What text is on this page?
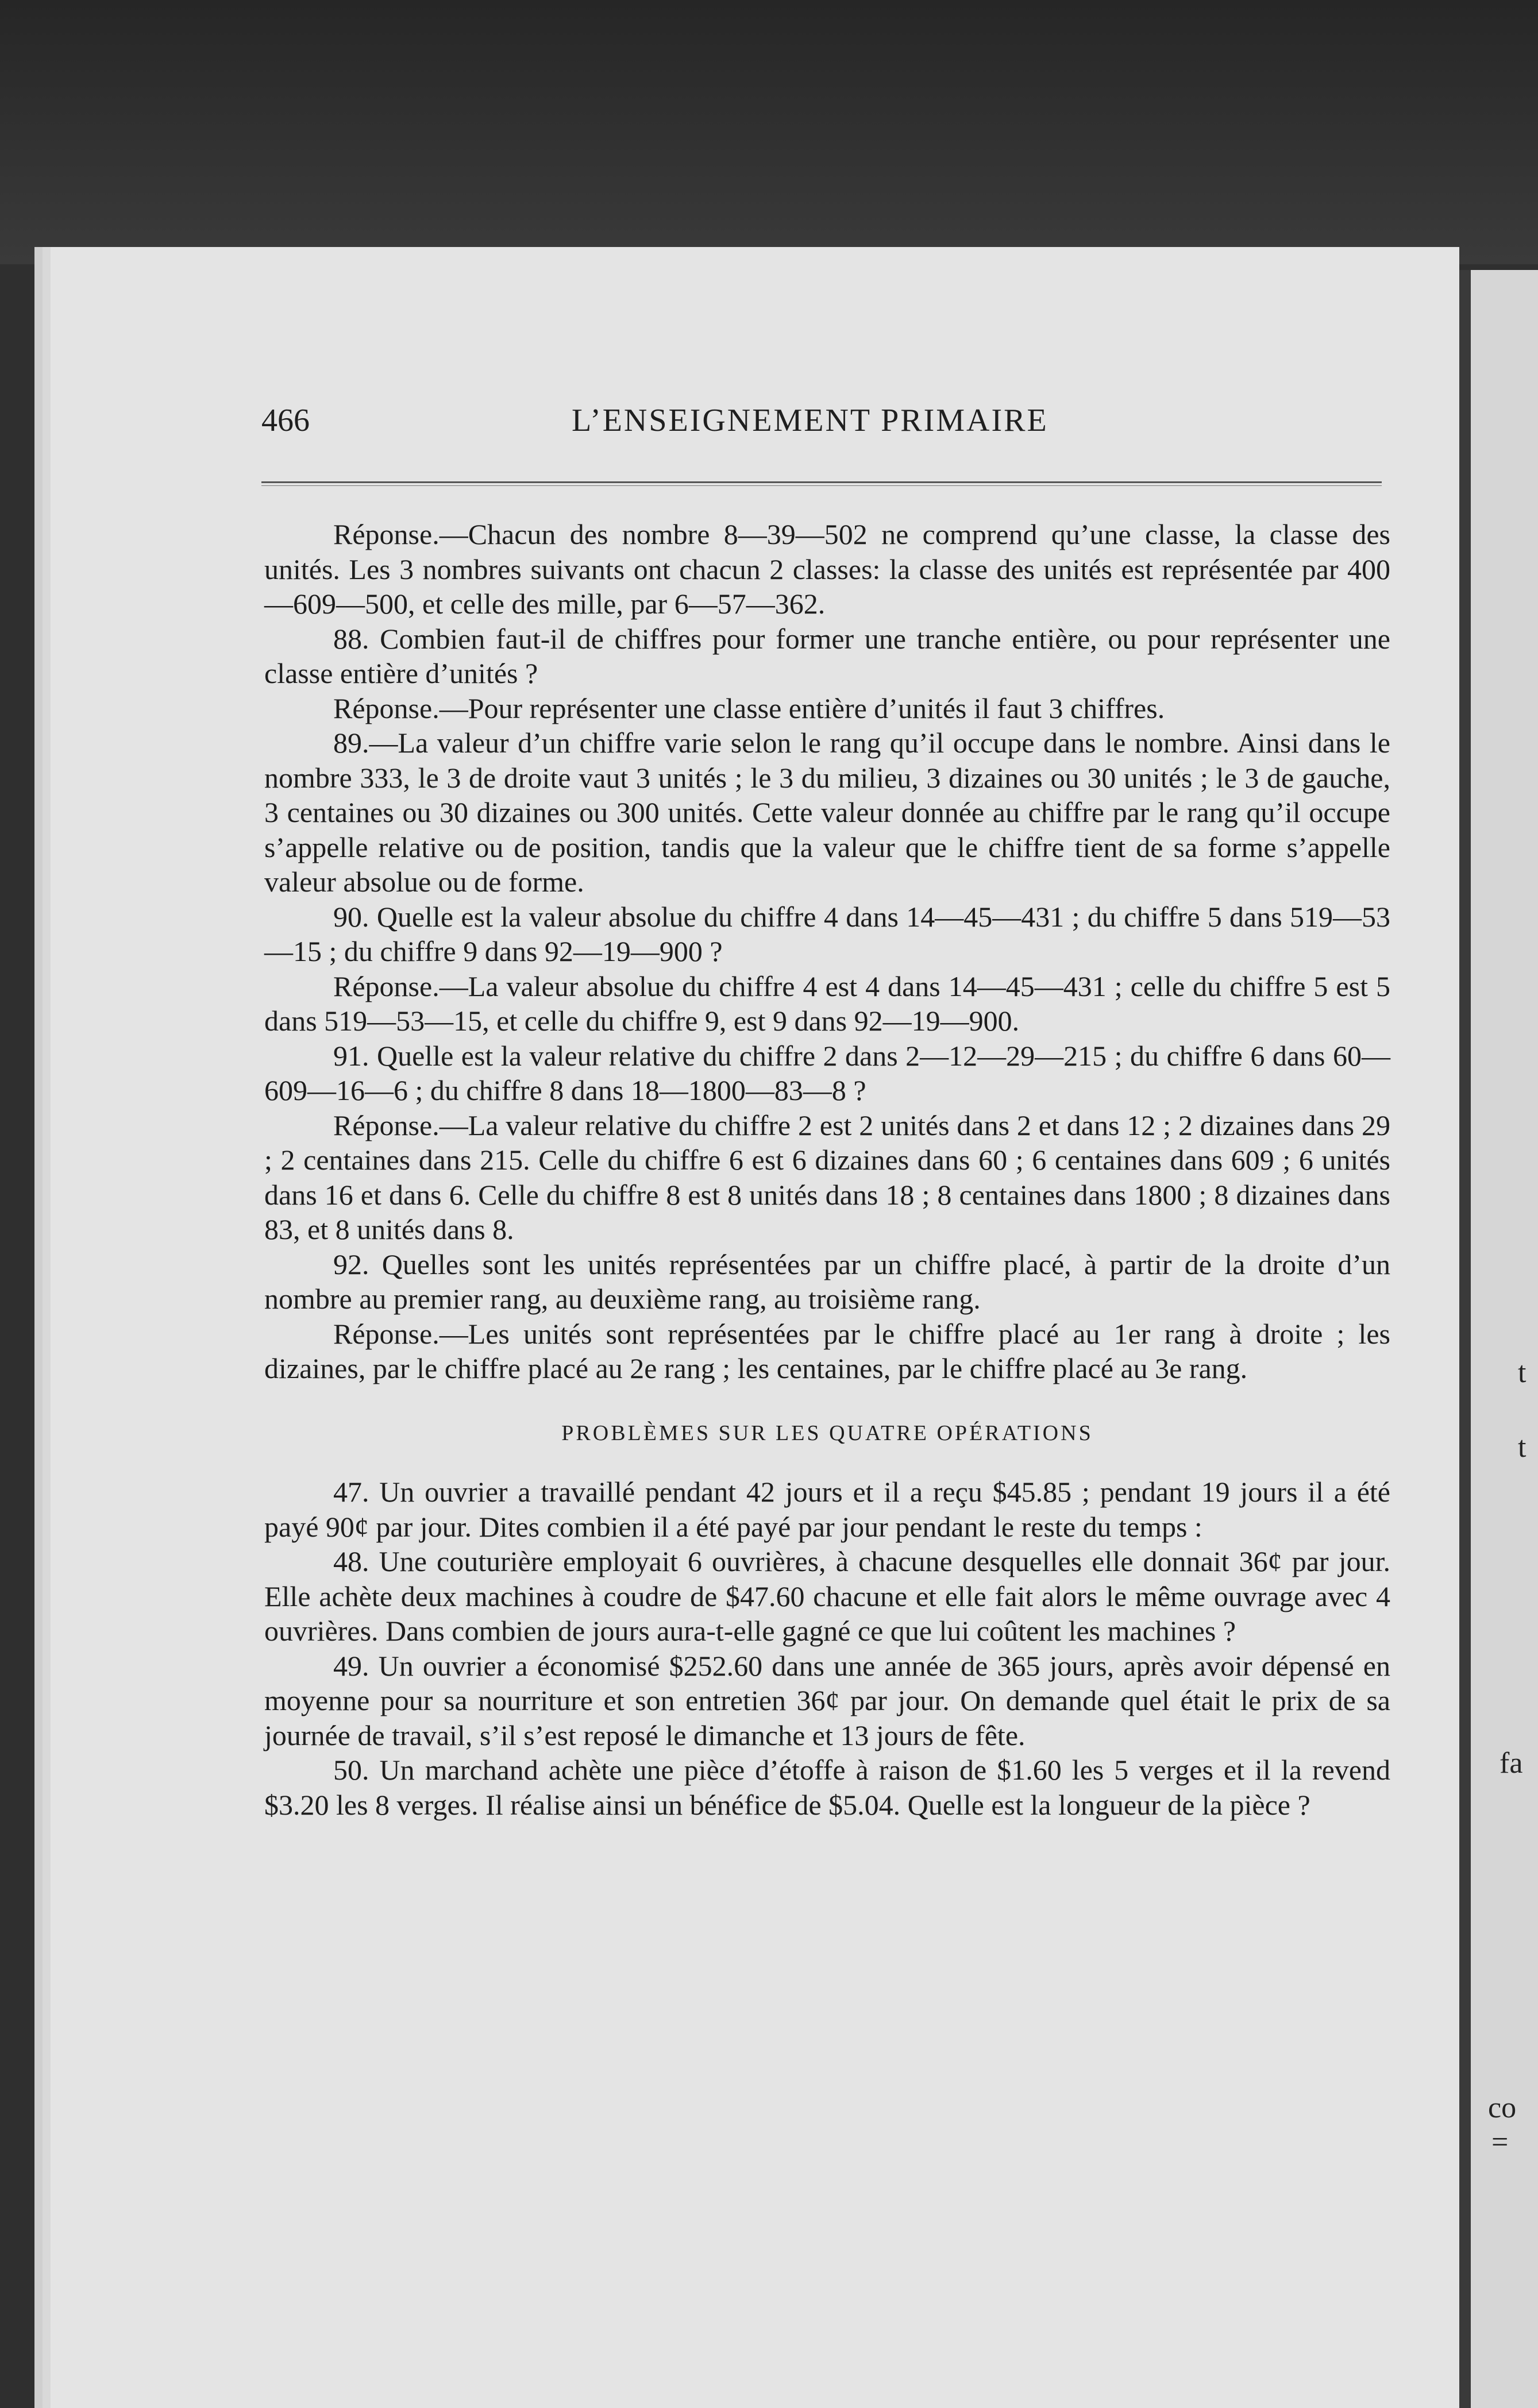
t
t
fa
co
=
466	L’ENSEIGNEMENT PRIMAIRE

Réponse.—Chacun des nombre 8—39—502 ne comprend qu’une classe, la classe des unités. Les 3 nombres suivants ont chacun 2 classes: la classe des unités est représentée par 400—609—500, et celle des mille, par 6—57—362.

88. Combien faut-il de chiffres pour former une tranche entière, ou pour représenter une classe entière d’unités ?

Réponse.—Pour représenter une classe entière d’unités il faut 3 chiffres.

89.—La valeur d’un chiffre varie selon le rang qu’il occupe dans le nombre. Ainsi dans le nombre 333, le 3 de droite vaut 3 unités ; le 3 du milieu, 3 dizaines ou 30 unités ; le 3 de gauche, 3 centaines ou 30 dizaines ou 300 unités. Cette valeur donnée au chiffre par le rang qu’il occupe s’appelle relative ou de position, tandis que la valeur que le chiffre tient de sa forme s’appelle valeur absolue ou de forme.

90. Quelle est la valeur absolue du chiffre 4 dans 14—45—431 ; du chiffre 5 dans 519—53—15 ; du chiffre 9 dans 92—19—900 ?

Réponse.—La valeur absolue du chiffre 4 est 4 dans 14—45—431 ; celle du chiffre 5 est 5 dans 519—53—15, et celle du chiffre 9, est 9 dans 92—19—900.

91. Quelle est la valeur relative du chiffre 2 dans 2—12—29—215 ; du chiffre 6 dans 60—609—16—6 ; du chiffre 8 dans 18—1800—83—8 ?

Réponse.—La valeur relative du chiffre 2 est 2 unités dans 2 et dans 12 ; 2 dizaines dans 29 ; 2 centaines dans 215. Celle du chiffre 6 est 6 dizaines dans 60 ; 6 centaines dans 609 ; 6 unités dans 16 et dans 6. Celle du chiffre 8 est 8 unités dans 18 ; 8 centaines dans 1800 ; 8 dizaines dans 83, et 8 unités dans 8.

92. Quelles sont les unités représentées par un chiffre placé, à partir de la droite d’un nombre au premier rang, au deuxième rang, au troisième rang.

Réponse.—Les unités sont représentées par le chiffre placé au 1er rang à droite ; les dizaines, par le chiffre placé au 2e rang ; les centaines, par le chiffre placé au 3e rang.

PROBLÈMES SUR LES QUATRE OPÉRATIONS

47. Un ouvrier a travaillé pendant 42 jours et il a reçu $45.85 ; pendant 19 jours il a été payé 90¢ par jour. Dites combien il a été payé par jour pendant le reste du temps :

48. Une couturière employait 6 ouvrières, à chacune desquelles elle donnait 36¢ par jour. Elle achète deux machines à coudre de $47.60 chacune et elle fait alors le même ouvrage avec 4 ouvrières. Dans combien de jours aura-t-elle gagné ce que lui coûtent les machines ?

49. Un ouvrier a économisé $252.60 dans une année de 365 jours, après avoir dépensé en moyenne pour sa nourriture et son entretien 36¢ par jour. On demande quel était le prix de sa journée de travail, s’il s’est reposé le dimanche et 13 jours de fête.

50. Un marchand achète une pièce d’étoffe à raison de $1.60 les 5 verges et il la revend $3.20 les 8 verges. Il réalise ainsi un bénéfice de $5.04. Quelle est la longueur de la pièce ?
